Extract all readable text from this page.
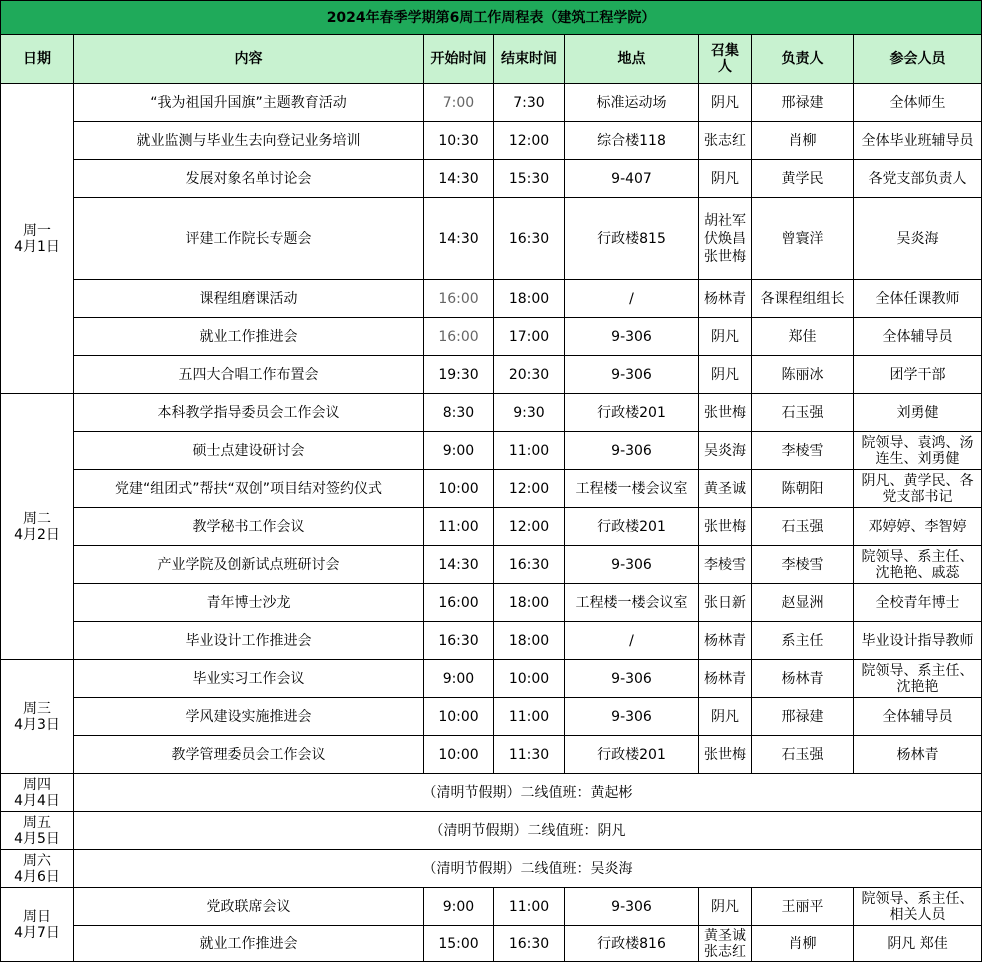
2024年春季学期第6周工作周程表（建筑工程学院）							
日期	内容	开始时间	结束时间	地点	召集人	负责人	参会人员

周一
4月1日	“我为祖国升国旗”主题教育活动	7:00	7:30	标准运动场	阴凡	邢禄建	全体师生
	就业监测与毕业生去向登记业务培训	10:30	12:00	综合楼118	张志红	肖柳	全体毕业班辅导员
	发展对象名单讨论会	14:30	15:30	9-407	阴凡	黄学民	各党支部负责人
	评建工作院长专题会	14:30	16:30	行政楼815	胡社军
伏焕昌
张世梅	曾寰洋	吴炎海
	课程组磨课活动	16:00	18:00	/	杨林青	各课程组组长	全体任课教师
	就业工作推进会	16:00	17:00	9-306	阴凡	郑佳	全体辅导员
	五四大合唱工作布置会	19:30	20:30	9-306	阴凡	陈丽冰	团学干部

周二
4月2日	本科教学指导委员会工作会议	8:30	9:30	行政楼201	张世梅	石玉强	刘勇健
	硕士点建设研讨会	9:00	11:00	9-306	吴炎海	李棱雪	院领导、袁鸿、汤
连生、刘勇健

	党建“组团式”帮扶“双创”项目结对签约仪式	10:00	12:00	工程楼一楼会议室	黄圣诚	陈朝阳	阴凡、黄学民、各
党支部书记

	教学秘书工作会议	11:00	12:00	行政楼201	张世梅	石玉强	邓婷婷、李智婷
	产业学院及创新试点班研讨会	14:30	16:30	9-306	李棱雪	李棱雪	院领导、系主任、
沈艳艳、戚蕊

	青年博士沙龙	16:00	18:00	工程楼一楼会议室	张日新	赵显洲	全校青年博士
	毕业设计工作推进会	16:30	18:00	/	杨林青	系主任	毕业设计指导教师

周三
4月3日	毕业实习工作会议	9:00	10:00	9-306	杨林青	杨林青	院领导、系主任、
沈艳艳

	学风建设实施推进会	10:00	11:00	9-306	阴凡	邢禄建	全体辅导员
	教学管理委员会工作会议	10:00	11:30	行政楼201	张世梅	石玉强	杨林青

周四
4月4日	（清明节假期）二线值班：黄起彬						

周五
4月5日	（清明节假期）二线值班：阴凡						

周六
4月6日	（清明节假期）二线值班：吴炎海						

周日
4月7日	党政联席会议	9:00	11:00	9-306	阴凡	王丽平	院领导、系主任、
相关人员

	就业工作推进会	15:00	16:30	行政楼816	黄圣诚
张志红	肖柳	阴凡 郑佳
